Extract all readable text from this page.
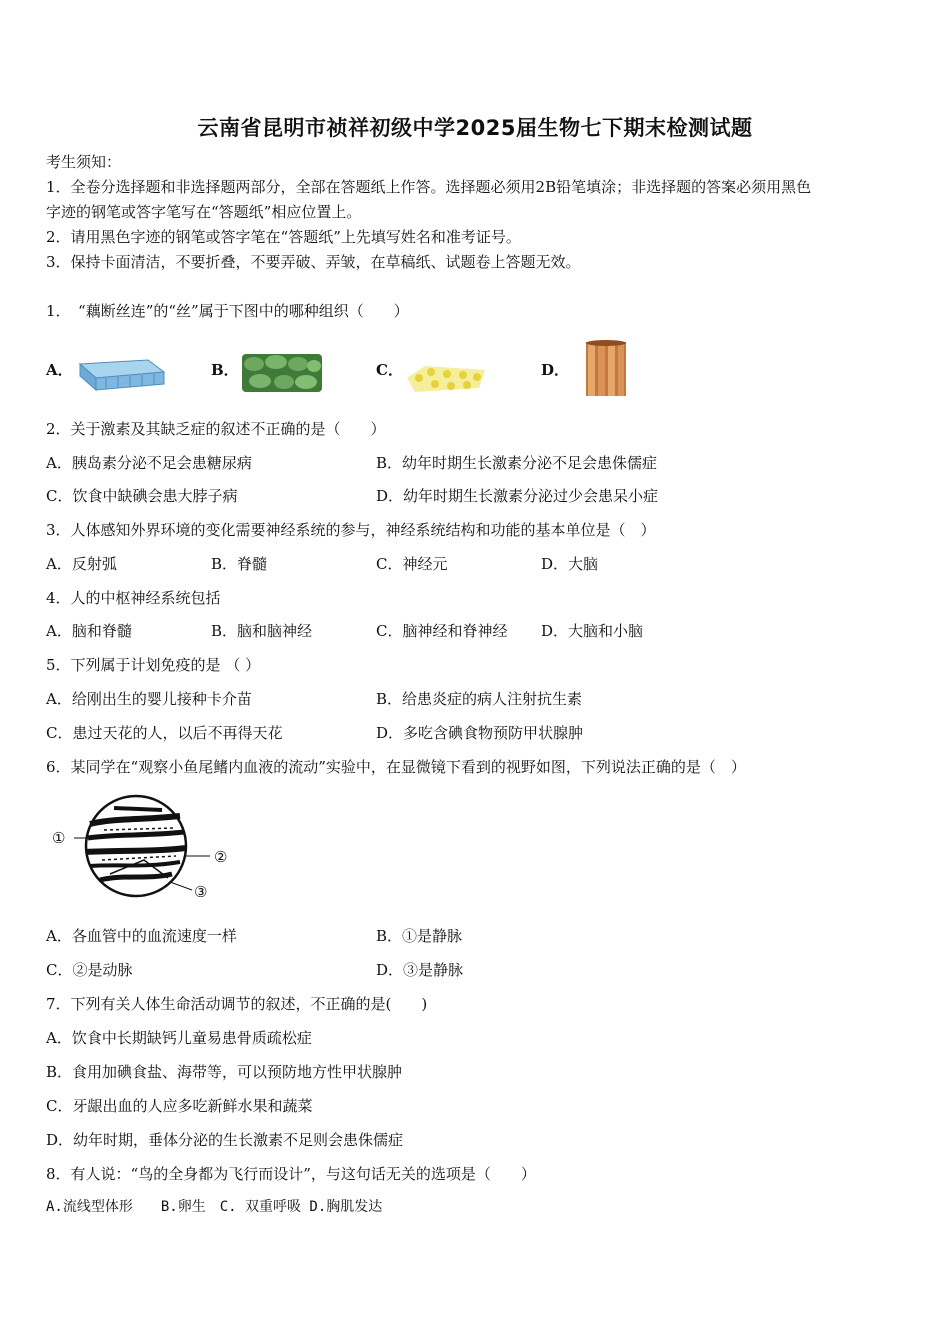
云南省昆明市祯祥初级中学2025届生物七下期末检测试题
考生须知：
1．全卷分选择题和非选择题两部分，全部在答题纸上作答。选择题必须用2B铅笔填涂；非选择题的答案必须用黑色
字迹的钢笔或答字笔写在“答题纸”相应位置上。
2．请用黑色字迹的钢笔或答字笔在“答题纸”上先填写姓名和准考证号。
3．保持卡面清洁，不要折叠，不要弄破、弄皱，在草稿纸、试题卷上答题无效。
1．　“藕断丝连”的“丝”属于下图中的哪种组织（　　）
A．	B．	C．	D．
2．关于激素及其缺乏症的叙述不正确的是（　　）
A．胰岛素分泌不足会患糖尿病	B．幼年时期生长激素分泌不足会患侏儒症
C．饮食中缺碘会患大脖子病	D．幼年时期生长激素分泌过少会患呆小症
3．人体感知外界环境的变化需要神经系统的参与，神经系统结构和功能的基本单位是（　）
A．反射弧	B．脊髓	C．神经元	D．大脑
4．人的中枢神经系统包括
A．脑和脊髓	B．脑和脑神经	C．脑神经和脊神经 D．大脑和小脑
5．下列属于计划免疫的是 （ ）
A．给刚出生的婴儿接种卡介苗	B．给患炎症的病人注射抗生素
C．患过天花的人，以后不再得天花	D．多吃含碘食物预防甲状腺肿
6．某同学在“观察小鱼尾鳍内血液的流动”实验中，在显微镜下看到的视野如图，下列说法正确的是（　）
①
②
③
A．各血管中的血流速度一样	B．①是静脉
C．②是动脉	D．③是静脉
7．下列有关人体生命活动调节的叙述，不正确的是(　　)
A．饮食中长期缺钙儿童易患骨质疏松症
B．食用加碘食盐、海带等，可以预防地方性甲状腺肿
C．牙龈出血的人应多吃新鲜水果和蔬菜
D．幼年时期，垂体分泌的生长激素不足则会患侏儒症
8．有人说：“鸟的全身都为飞行而设计”，与这句话无关的选项是（　　）
A.流线型体形　　B.卵生　C. 双重呼吸 D.胸肌发达
